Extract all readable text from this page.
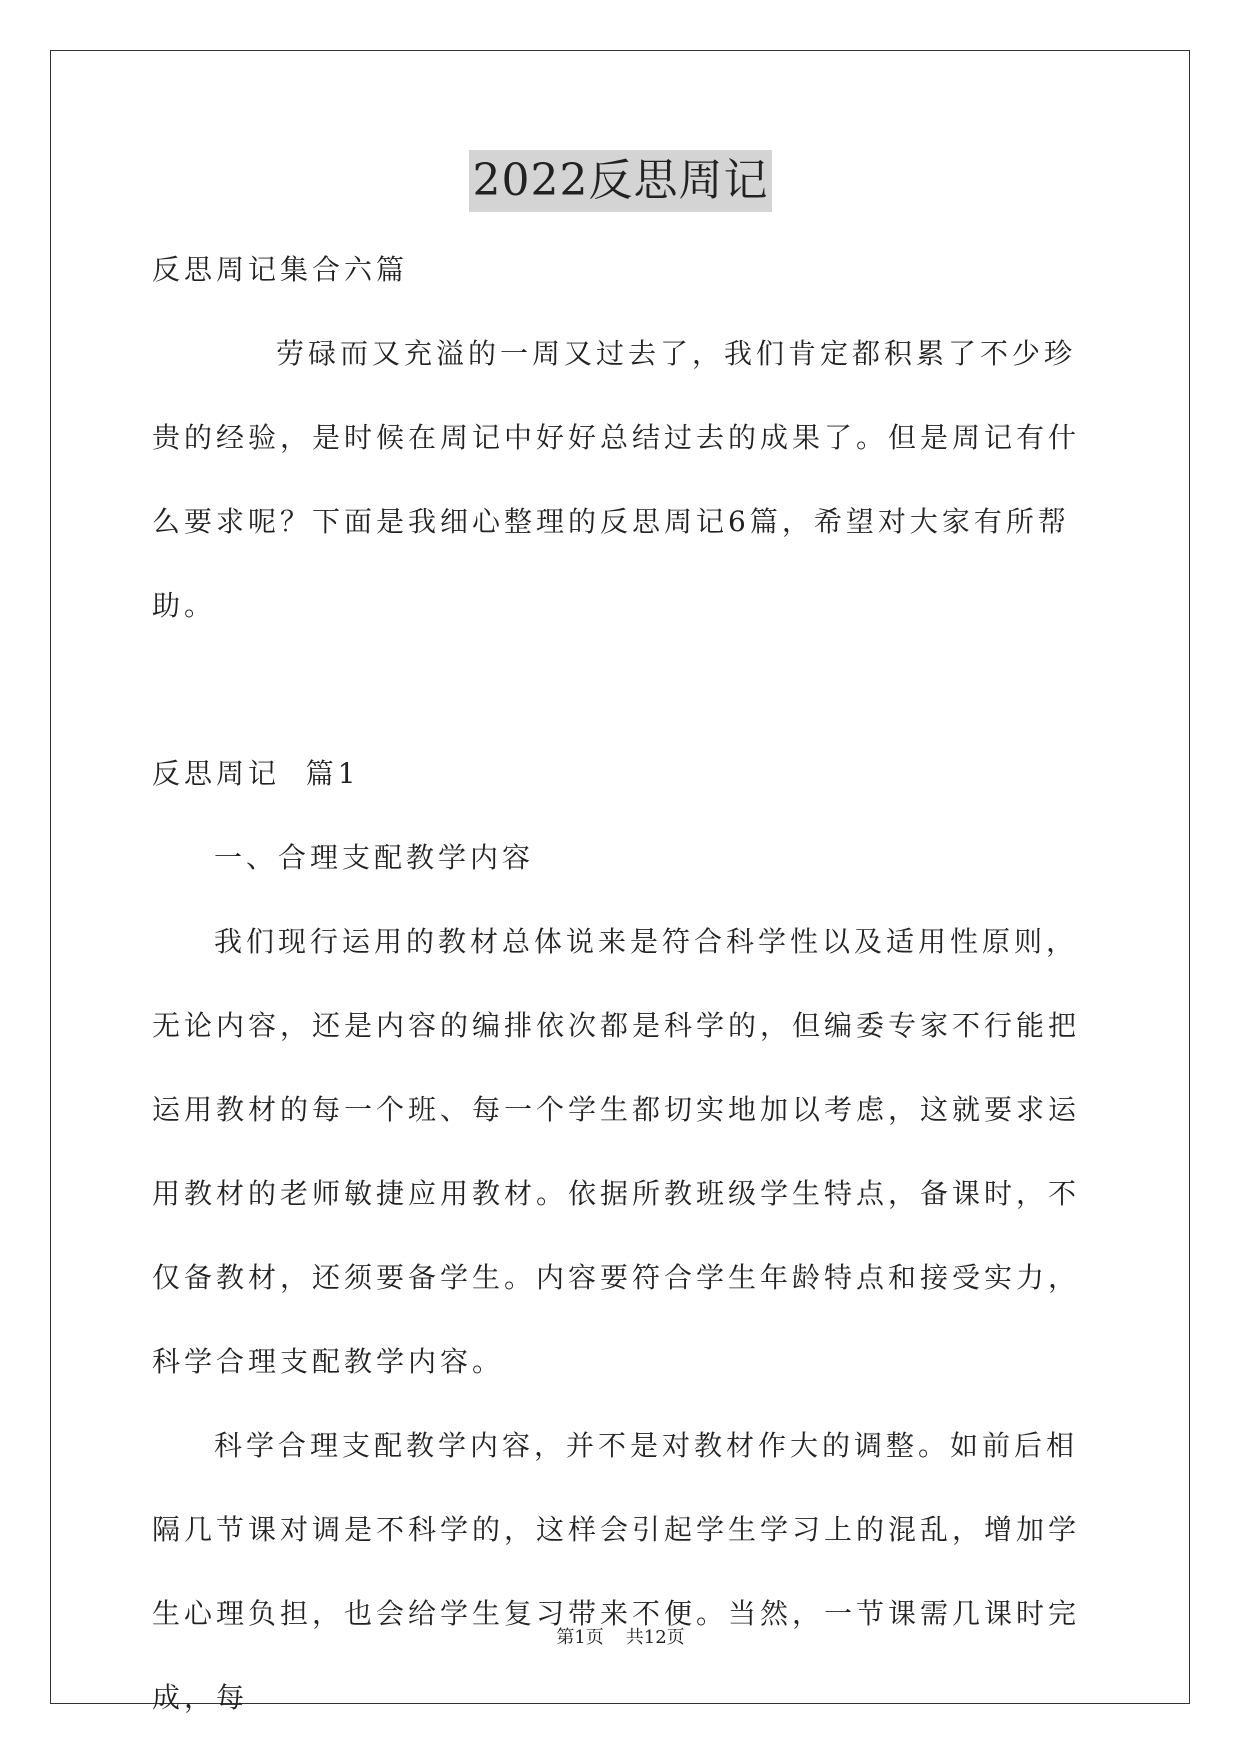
2022反思周记

反思周记集合六篇

劳碌而又充溢的一周又过去了，我们肯定都积累了不少珍贵的经验，是时候在周记中好好总结过去的成果了。但是周记有什么要求呢？下面是我细心整理的反思周记6篇，希望对大家有所帮助。

反思周记  篇1

一、合理支配教学内容

我们现行运用的教材总体说来是符合科学性以及适用性原则，无论内容，还是内容的编排依次都是科学的，但编委专家不行能把运用教材的每一个班、每一个学生都切实地加以考虑，这就要求运用教材的老师敏捷应用教材。依据所教班级学生特点，备课时，不仅备教材，还须要备学生。内容要符合学生年龄特点和接受实力，科学合理支配教学内容。

科学合理支配教学内容，并不是对教材作大的调整。如前后相隔几节课对调是不科学的，这样会引起学生学习上的混乱，增加学生心理负担，也会给学生复习带来不便。当然，一节课需几课时完成，每

第1页 共12页
